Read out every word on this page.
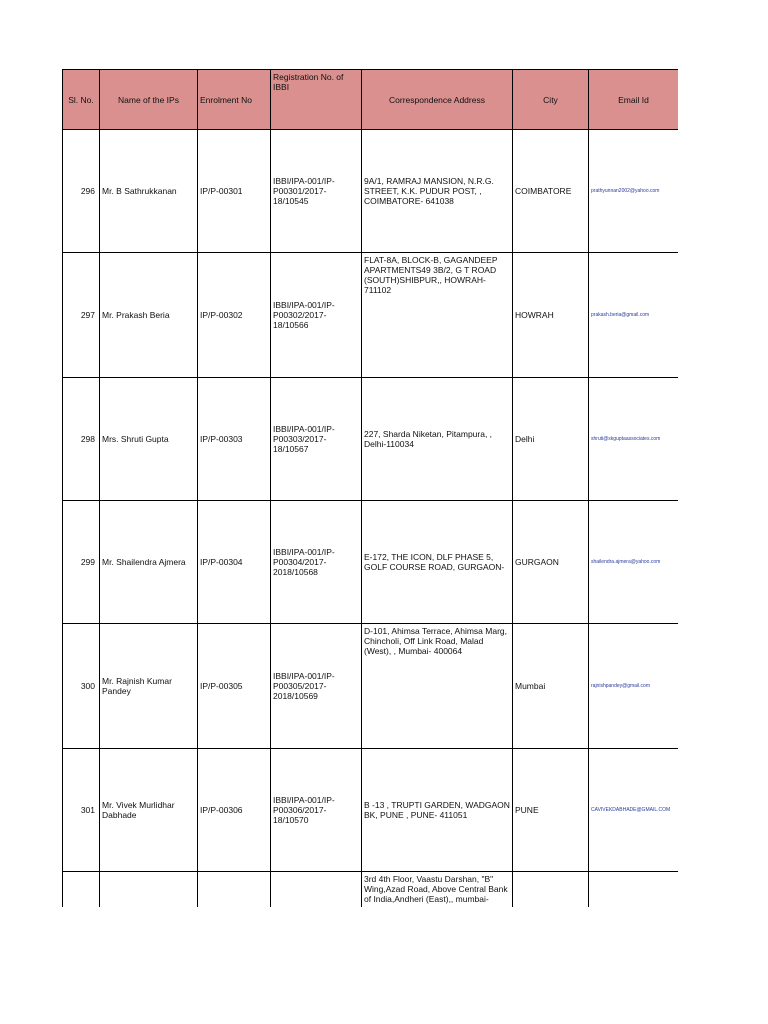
Sl. No.	Name of the IPs	Enrolment No	Registration No. of IBBI	Correspondence Address	City	Email Id
296	Mr. B Sathrukkanan	IP/P-00301	IBBI/IPA-001/IP-P00301/2017-18/10545	9A/1, RAMRAJ MANSION, N.R.G. STREET, K.K. PUDUR POST, , COIMBATORE- 641038	COIMBATORE	prathyunnan2002@yahoo.com
297	Mr. Prakash Beria	IP/P-00302	IBBI/IPA-001/IP-P00302/2017-18/10566	FLAT-8A, BLOCK-B, GAGANDEEP APARTMENTS49 3B/2, G T ROAD (SOUTH)SHIBPUR,, HOWRAH- 711102	HOWRAH	prakash.beria@gmail.com
298	Mrs. Shruti Gupta	IP/P-00303	IBBI/IPA-001/IP-P00303/2017-18/10567	227, Sharda Niketan, Pitampura, , Delhi-110034	Delhi	shruti@skguptaassociates.com
299	Mr. Shailendra Ajmera	IP/P-00304	IBBI/IPA-001/IP-P00304/2017-2018/10568	E-172, THE ICON, DLF PHASE 5, GOLF COURSE ROAD, GURGAON-	GURGAON	shailendra.ajmera@yahoo.com
300	Mr. Rajnish Kumar Pandey	IP/P-00305	IBBI/IPA-001/IP-P00305/2017-2018/10569	D-101, Ahimsa Terrace, Ahimsa Marg, Chincholi, Off Link Road, Malad (West), , Mumbai- 400064	Mumbai	rajnishpandey@gmail.com
301	Mr. Vivek Murlidhar Dabhade	IP/P-00306	IBBI/IPA-001/IP-P00306/2017-18/10570	B -13 , TRUPTI GARDEN, WADGAON BK, PUNE , PUNE- 411051	PUNE	CAVIVEKDABHADE@GMAIL.COM
				3rd 4th Floor, Vaastu Darshan, "B" Wing,Azad Road, Above Central Bank of India,Andheri (East),, mumbai-		
